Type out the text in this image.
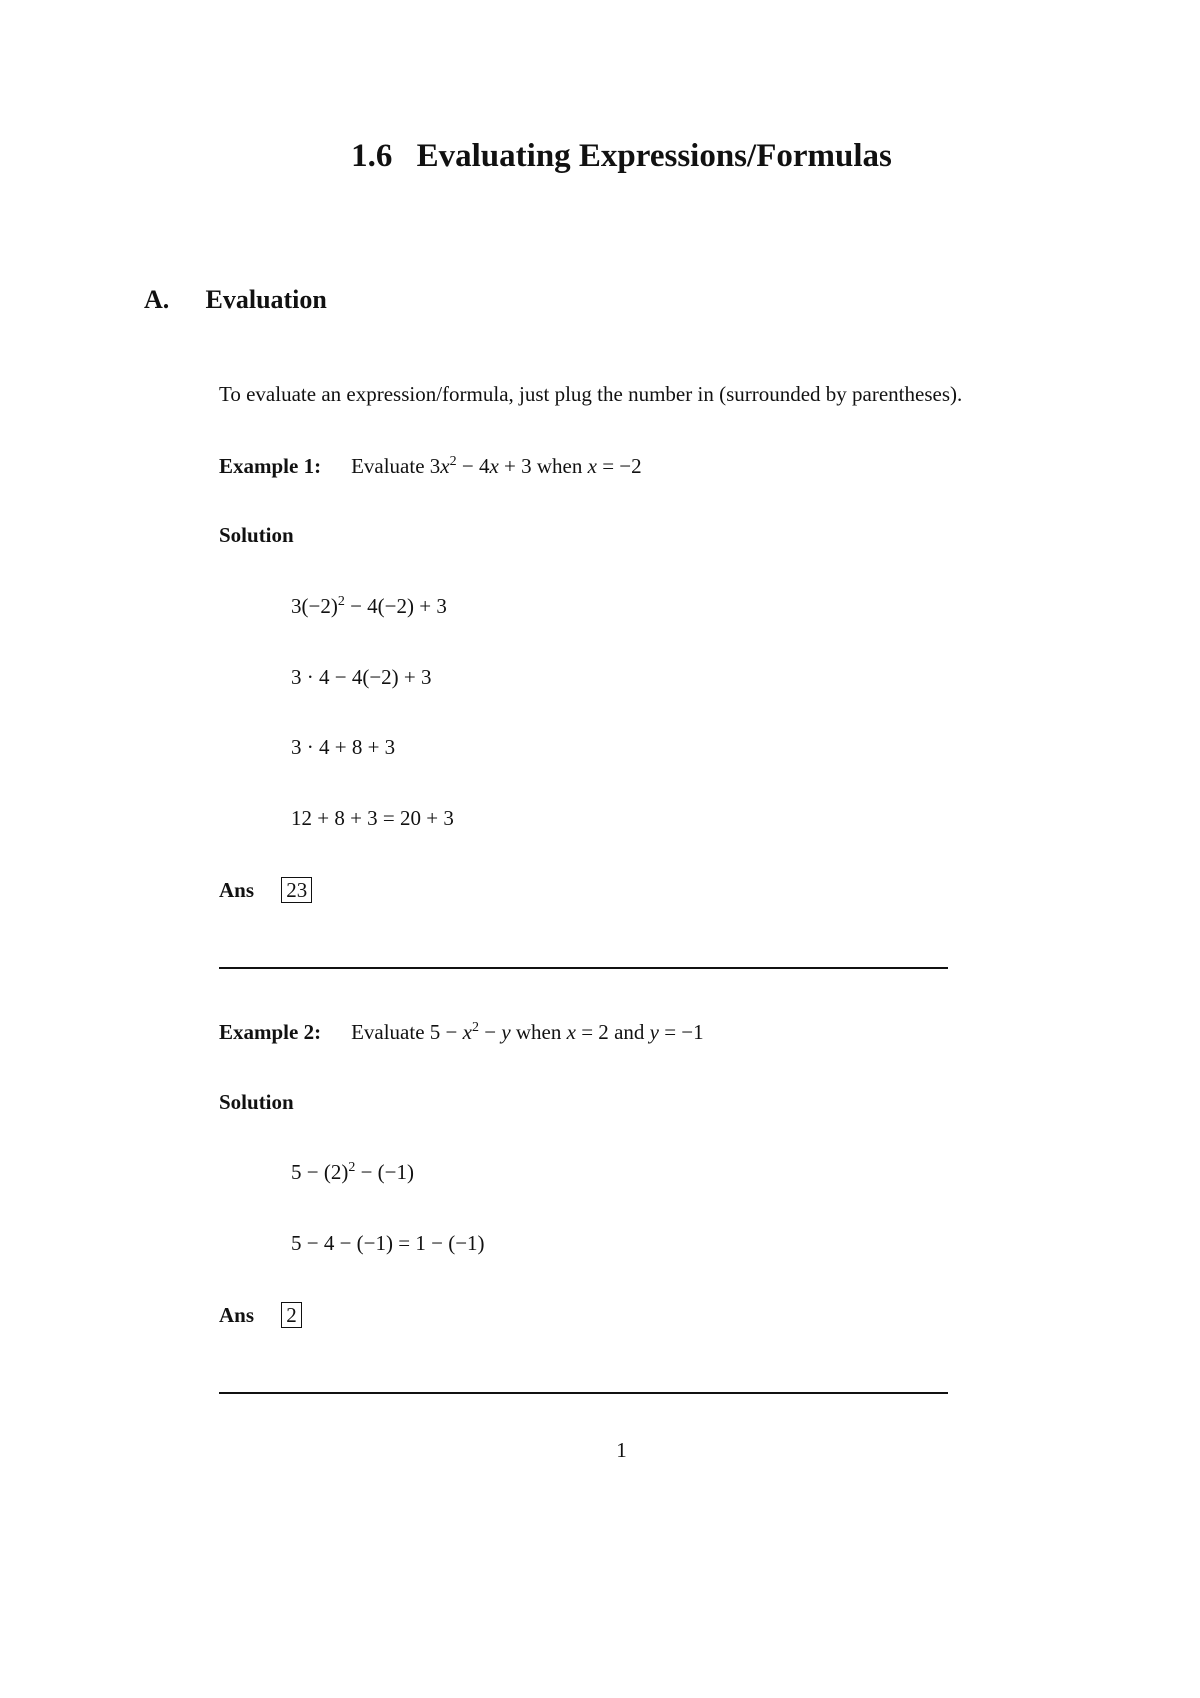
1.6 Evaluating Expressions/Formulas
A. Evaluation
To evaluate an expression/formula, just plug the number in (surrounded by parentheses).
Example 1: Evaluate $3x^2 - 4x + 3$ when x = −2
Solution
$3(-2)^2 - 4(-2) + 3$
3 · 4 − 4(−2) + 3
3 · 4 + 8 + 3
12 + 8 + 3 = 20 + 3
Ans 23
Example 2: Evaluate $5 - x^2 - y$ when x = 2 and y = −1
Solution
$5 - (2)^2 - (-1)$
5 − 4 − (−1) = 1 − (−1)
Ans 2
1
